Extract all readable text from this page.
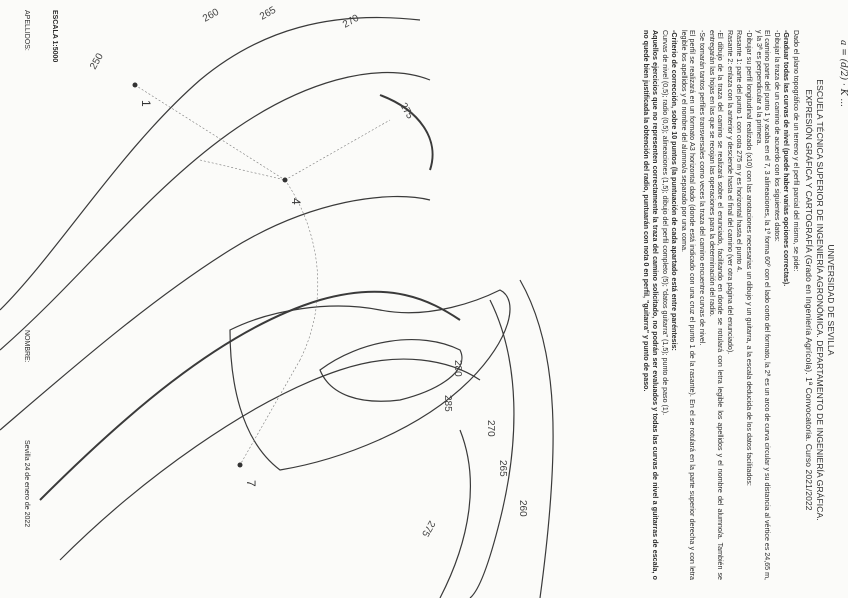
250
260	265	270
275
280
285
275
270
265
260
1
4
7
a = (d/2) · K ...
UNIVERSIDAD DE SEVILLA
ESCUELA TÉCNICA SUPERIOR DE INGENIERÍA AGRONÓMICA. DEPARTAMENTO DE INGENIERÍA GRÁFICA.
EXPRESIÓN GRÁFICA Y CARTOGRAFÍA (Grado en Ingeniería Agrícola). 1ª Convocatoria. Curso 2021/2022

Dado el plano topográfico de un terreno y el perfil parcial del mismo, se pide:

-Graduar todas las curvas de nivel (puede haber varias opciones correctas).

-Dibujar la traza de un camino de acuerdo con los siguientes datos:

El camino parte del punto 1 y acaba en el 7, 3 alineaciones, la 1ª forma 60º con el lado corto del formato, la 2ª es un arco de curva circular y su distancia al vértice es 24,65 m, y la 3ª es perpendicular a la primera.

-Dibujar su perfil longitudinal realizado (x10) con las anotaciones necesarias un dibujo y un guitarra, a la escala deducida de los datos facilitados:

Rasante 1: parte del punto 1 con cota 275 m y es horizontal hasta el punto 4.

Rasante 2: enlaza con la anterior y desciende hasta el final del camino (ver otra página del enunciado).

-El dibujo de la traza del camino se realizará sobre el enunciado, facilitando en donde se rotulará con letra legible los apellidos y el nombre del alumno/a. También se entregarán las hojas en las que se recojan las operaciones para la determinación del radio.

-Se tomarán tantos perfiles transversales como veces la traza del camino encuentre curvas de nivel.

El perfil se realizará en un formato A3 horizontal dado (donde está indicado con una cruz el punto 1 de la rasante). En el se rotulará en la parte superior derecha y con letra legible los apellidos y el nombre del alumno/a separado por una coma.

-Criterio de corrección, sobre 10 puntos (la puntuación de cada apartado está entre paréntesis:

Curvas de nivel (0,5); radio (0,5); alineaciones (1,5); dibujo del perfil completo (5); "datos guitarra" (1,5); punto de paso (1).

Aquellos ejercicios que no representen correctamente la traza del camino solicitado, no podrán ser evaluados y todas las curvas de nivel a guitarras de escala, o no quede bien justificada la obtención del radio, puntuarán con nota 0 en perfil, "guitarra" y punto de paso.

APELLIDOS:	ESCALA 1:5000
NOMBRE:
Sevilla 24 de enero de 2022
